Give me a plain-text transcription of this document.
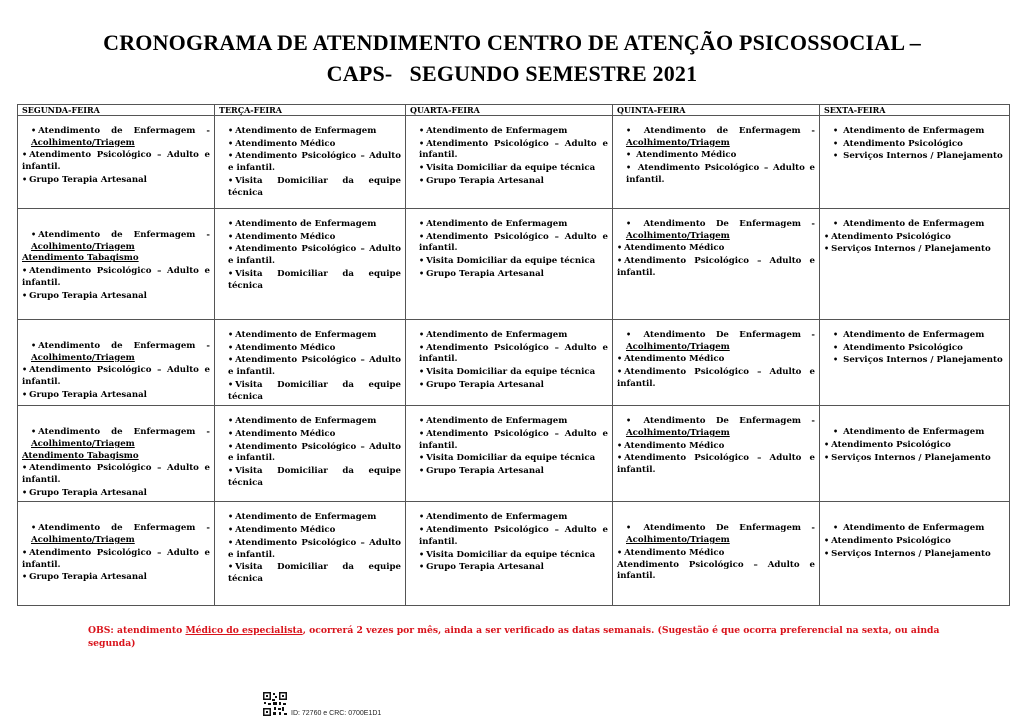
CRONOGRAMA DE ATENDIMENTO CENTRO DE ATENÇÃO PSICOSSOCIAL –
CAPS-   SEGUNDO SEMESTRE 2021
SEGUNDA-FEIRA	TERÇA-FEIRA	QUARTA-FEIRA	QUINTA-FEIRA	SEXTA-FEIRA

• Atendimento de Enfermagem - Acolhimento/Triagem
• Atendimento Psicológico – Adulto e infantil.
• Grupo Terapia Artesanal	• Atendimento de Enfermagem
• Atendimento Médico
• Atendimento Psicológico – Adulto e infantil.
• Visita Domiciliar da equipe técnica	• Atendimento de Enfermagem
• Atendimento Psicológico – Adulto e infantil.
• Visita Domiciliar da equipe técnica
• Grupo Terapia Artesanal	• Atendimento de Enfermagem - Acolhimento/Triagem
• Atendimento Médico
• Atendimento Psicológico – Adulto e infantil.	• Atendimento de Enfermagem
• Atendimento Psicológico
• Serviços Internos / Planejamento

• Atendimento de Enfermagem - Acolhimento/Triagem
Atendimento Tabagismo
• Atendimento Psicológico – Adulto e infantil.
• Grupo Terapia Artesanal	• Atendimento de Enfermagem
• Atendimento Médico
• Atendimento Psicológico – Adulto e infantil.
• Visita Domiciliar da equipe técnica	• Atendimento de Enfermagem
• Atendimento Psicológico – Adulto e infantil.
• Visita Domiciliar da equipe técnica
• Grupo Terapia Artesanal	• Atendimento De Enfermagem - Acolhimento/Triagem
• Atendimento Médico
• Atendimento Psicológico – Adulto e infantil.	• Atendimento de Enfermagem
• Atendimento Psicológico
• Serviços Internos / Planejamento

• Atendimento de Enfermagem - Acolhimento/Triagem
• Atendimento Psicológico – Adulto e infantil.
• Grupo Terapia Artesanal	• Atendimento de Enfermagem
• Atendimento Médico
• Atendimento Psicológico – Adulto e infantil.
• Visita Domiciliar da equipe técnica	• Atendimento de Enfermagem
• Atendimento Psicológico – Adulto e infantil.
• Visita Domiciliar da equipe técnica
• Grupo Terapia Artesanal	• Atendimento De Enfermagem - Acolhimento/Triagem
• Atendimento Médico
• Atendimento Psicológico – Adulto e infantil.	• Atendimento de Enfermagem
• Atendimento Psicológico
• Serviços Internos / Planejamento

• Atendimento de Enfermagem - Acolhimento/Triagem
Atendimento Tabagismo
• Atendimento Psicológico – Adulto e infantil.
• Grupo Terapia Artesanal	• Atendimento de Enfermagem
• Atendimento Médico
• Atendimento Psicológico – Adulto e infantil.
• Visita Domiciliar da equipe técnica	• Atendimento de Enfermagem
• Atendimento Psicológico – Adulto e infantil.
• Visita Domiciliar da equipe técnica
• Grupo Terapia Artesanal	• Atendimento De Enfermagem - Acolhimento/Triagem
• Atendimento Médico
• Atendimento Psicológico – Adulto e infantil.	• Atendimento de Enfermagem
• Atendimento Psicológico
• Serviços Internos / Planejamento

• Atendimento de Enfermagem - Acolhimento/Triagem
• Atendimento Psicológico – Adulto e infantil.
• Grupo Terapia Artesanal	• Atendimento de Enfermagem
• Atendimento Médico
• Atendimento Psicológico – Adulto e infantil.
• Visita Domiciliar da equipe técnica	• Atendimento de Enfermagem
• Atendimento Psicológico – Adulto e infantil.
• Visita Domiciliar da equipe técnica
• Grupo Terapia Artesanal	• Atendimento De Enfermagem - Acolhimento/Triagem
• Atendimento Médico
Atendimento Psicológico – Adulto e infantil.	• Atendimento de Enfermagem
• Atendimento Psicológico
• Serviços Internos / Planejamento
OBS: atendimento Médico do especialista, ocorrerá 2 vezes por mês, ainda a ser verificado as datas semanais. (Sugestão é que ocorra preferencial na sexta, ou ainda segunda)
ID: 72760 e CRC: 0700E1D1
